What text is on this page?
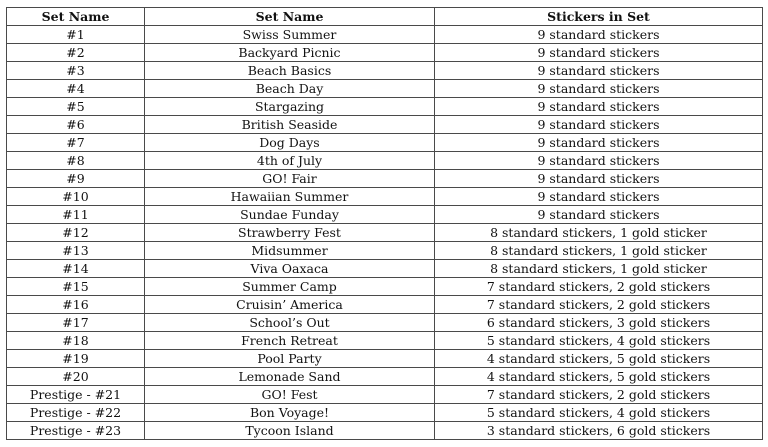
Set Name	Set Name	Stickers in Set
#1	Swiss Summer	9 standard stickers
#2	Backyard Picnic	9 standard stickers
#3	Beach Basics	9 standard stickers
#4	Beach Day	9 standard stickers
#5	Stargazing	9 standard stickers
#6	British Seaside	9 standard stickers
#7	Dog Days	9 standard stickers
#8	4th of July	9 standard stickers
#9	GO! Fair	9 standard stickers
#10	Hawaiian Summer	9 standard stickers
#11	Sundae Funday	9 standard stickers
#12	Strawberry Fest	8 standard stickers, 1 gold sticker
#13	Midsummer	8 standard stickers, 1 gold sticker
#14	Viva Oaxaca	8 standard stickers, 1 gold sticker
#15	Summer Camp	7 standard stickers, 2 gold stickers
#16	Cruisin’ America	7 standard stickers, 2 gold stickers
#17	School’s Out	6 standard stickers, 3 gold stickers
#18	French Retreat	5 standard stickers, 4 gold stickers
#19	Pool Party	4 standard stickers, 5 gold stickers
#20	Lemonade Sand	4 standard stickers, 5 gold stickers
Prestige - #21	GO! Fest	7 standard stickers, 2 gold stickers
Prestige - #22	Bon Voyage!	5 standard stickers, 4 gold stickers
Prestige - #23	Tycoon Island	3 standard stickers, 6 gold stickers
